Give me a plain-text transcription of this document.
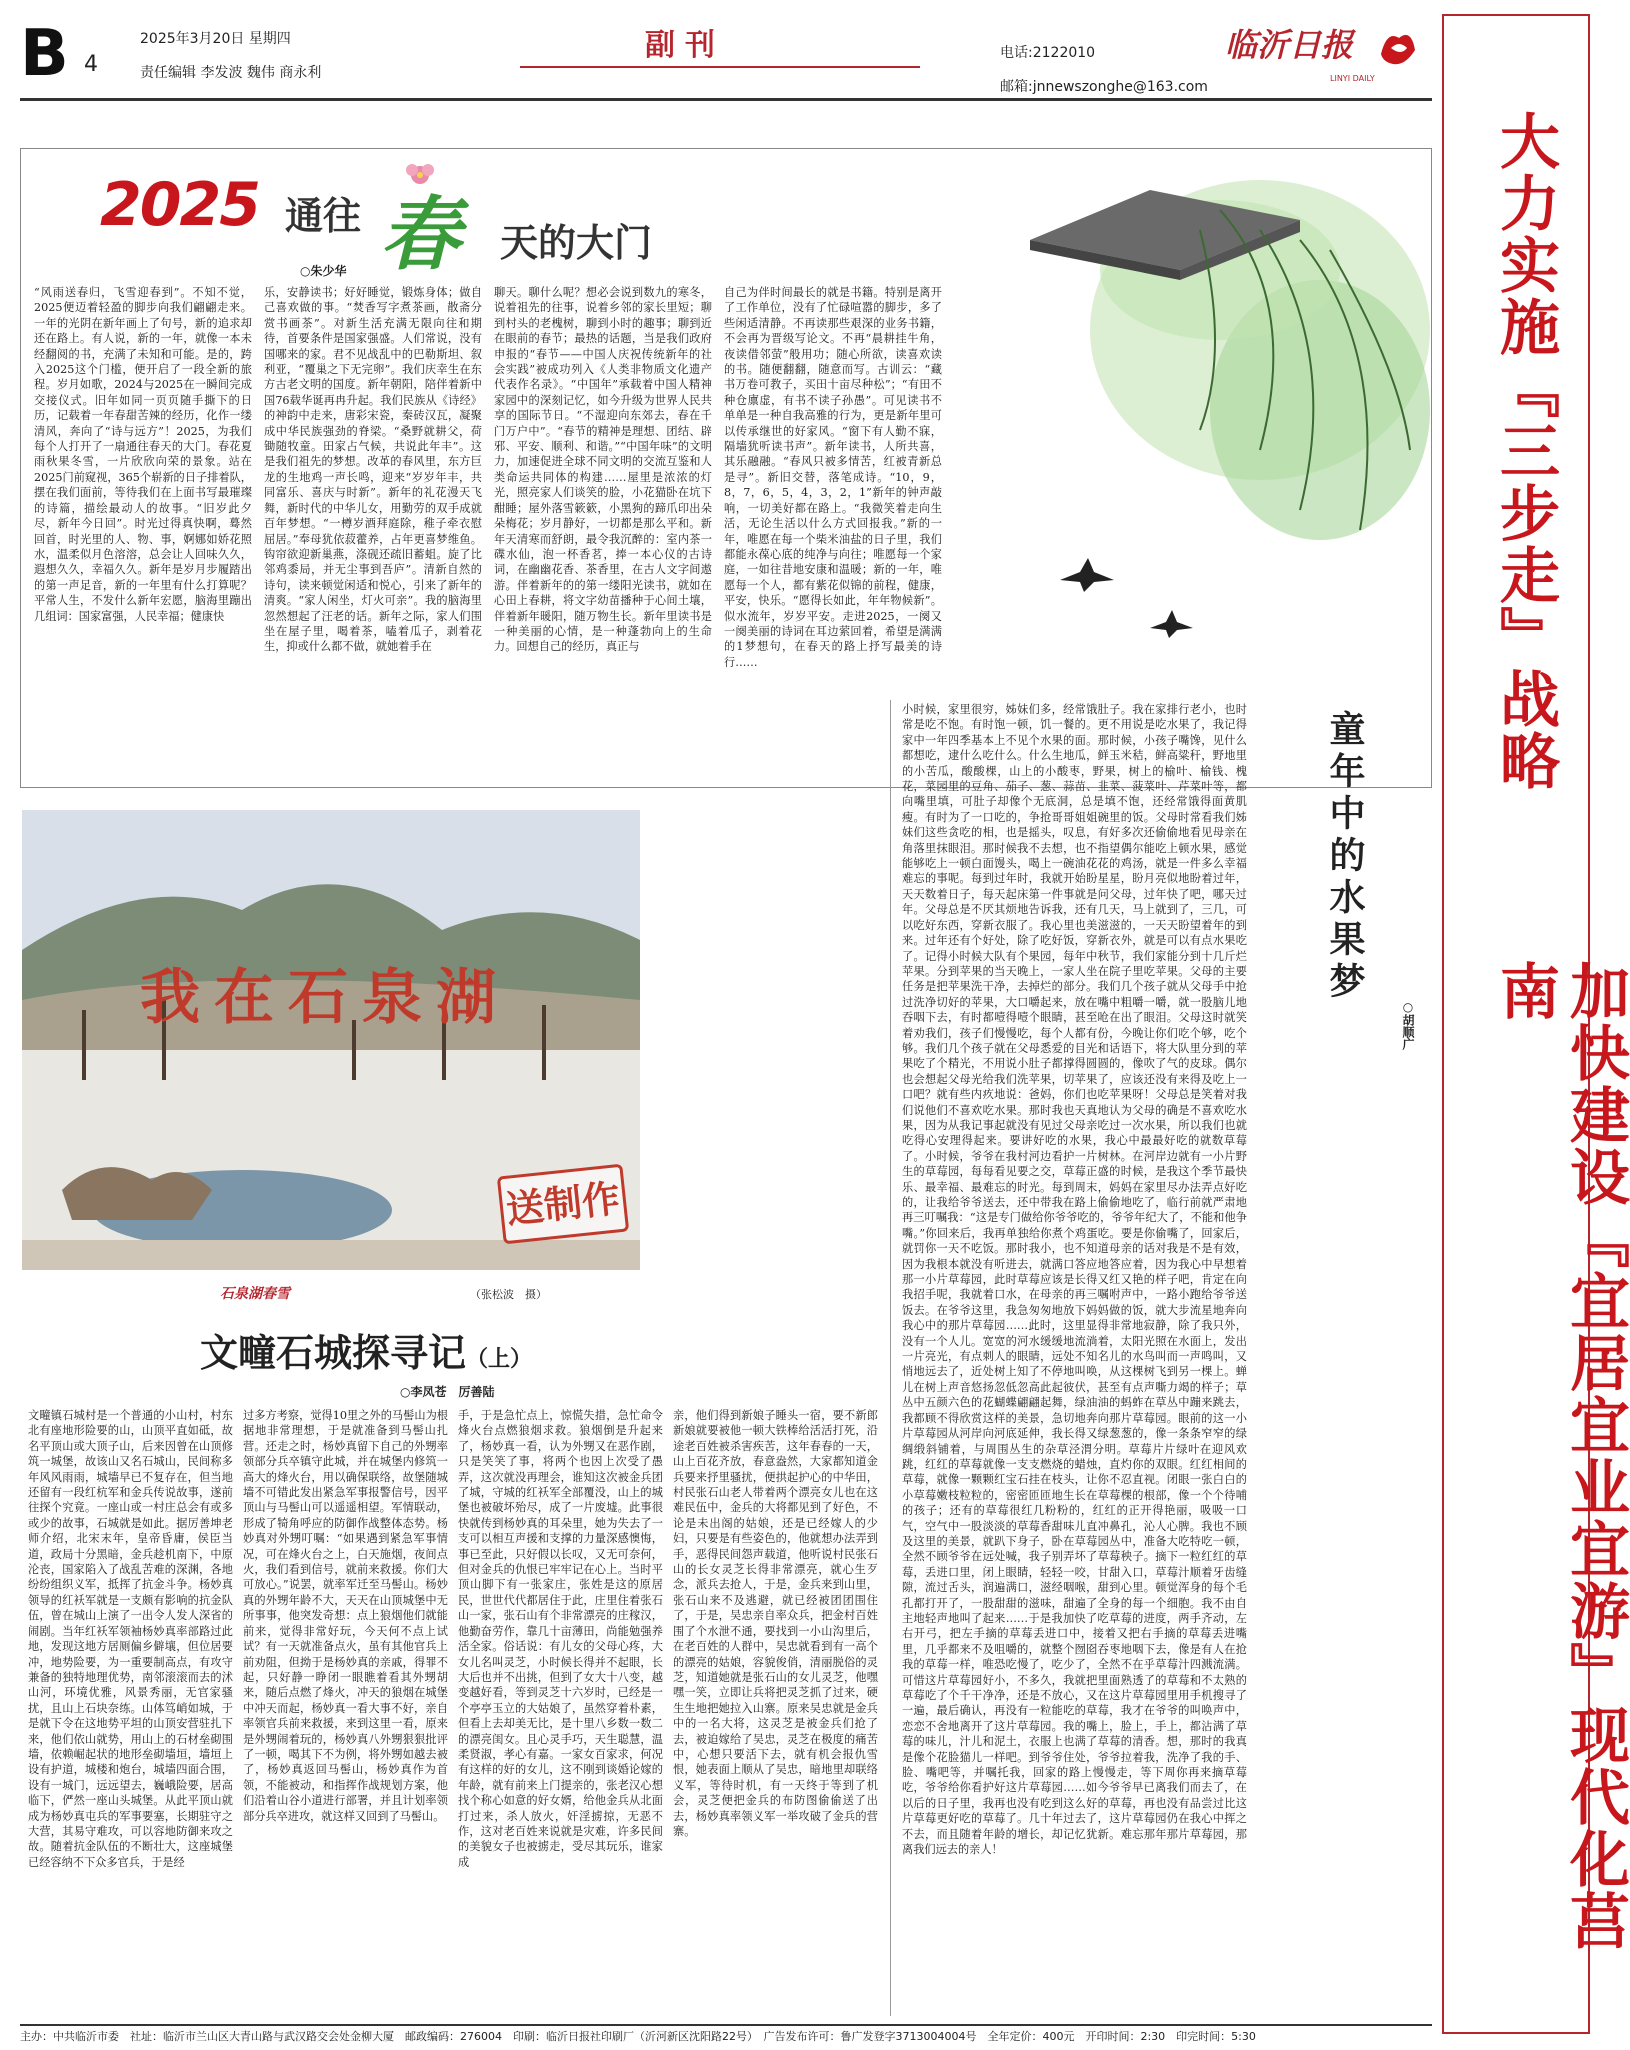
B 4
2025年3月20日 星期四
责任编辑 李发波 魏伟 商永利
副刊	电话:2122010
邮箱:jnnewszonghe@163.com
临沂日报
LINYI DAILY
大力实施『三步走』战略
加快建设『宜居宜业宜游』现代化莒南
2025 通往 春 天的大门
○朱少华
“风雨送春归，飞雪迎春到”。不知不觉，2025便迈着轻盈的脚步向我们翩翩走来。一年的光阴在新年画上了句号，新的追求却还在路上。有人说，新的一年，就像一本未经翻阅的书，充满了未知和可能。是的，跨入2025这个门槛，便开启了一段全新的旅程。岁月如歌，2024与2025在一瞬间完成交接仪式。旧年如同一页页随手撕下的日历，记载着一年春甜苦辣的经历，化作一缕清风，奔向了“诗与远方”！2025，为我们每个人打开了一扇通往春天的大门。春花夏雨秋果冬雪，一片欣欣向荣的景象。站在2025门前窥视，365个崭新的日子排着队，摆在我们面前，等待我们在上面书写最璀璨的诗篇，描绘最动人的故事。“旧岁此夕尽，新年今日回”。时光过得真快啊，蓦然回首，时光里的人、物、事，婀娜如娇花照水，温柔似月色溶溶，总会让人回味久久，遐想久久，幸福久久。新年是岁月步履踏出的第一声足音，新的一年里有什么打算呢？平常人生，不发什么新年宏愿，脑海里蹦出几组词：国家富强，人民幸福；健康快
乐，安静读书；好好睡觉，锻炼身体；做自己喜欢做的事。“焚香写字煮茶画，散斋分赏书画茶”。对新生活充满无限向往和期待，首要条件是国家强盛。人们常说，没有国哪来的家。君不见战乱中的巴勒斯坦、叙利亚，“覆巢之下无完卵”。我们庆幸生在东方古老文明的国度。新年朝阳，陪伴着新中国76载华诞再冉升起。我们民族从《诗经》的神韵中走来，唐彩宋瓷，秦砖汉瓦，凝聚成中华民族强劲的脊梁。“桑野就耕父，荷锄随牧童。田家占气候，共说此年丰”。这是我们祖先的梦想。改革的春风里，东方巨龙的生地鸡一声长鸣，迎来“岁岁年丰，共同富乐、喜庆与时新”。新年的礼花漫天飞舞，新时代的中华儿女，用勤劳的双手成就百年梦想。“一樽岁酒拜庭除，稚子牵衣慰屈居。”奉母犹依菽藿养，占年更喜梦维鱼。钩帘欲迎新巢燕，涤砚还疏旧蓄蛆。旋了比邻鸡黍局，并无尘事到吾庐”。清新自然的诗句，读来顿觉闲适和悦心，引来了新年的清爽。“家人闲坐，灯火可亲”。我的脑海里忽然想起了汪老的话。新年之际，家人们围坐在屋子里，喝着茶，嗑着瓜子，剥着花生，抑或什么都不做，就她着手在
聊天。聊什么呢？想必会说到数九的寒冬，说着祖先的往事，说着乡邻的家长里短；聊到村头的老槐树，聊到小时的趣事；聊到近在眼前的春节；最热的话题，当是我们政府申报的“春节——中国人庆祝传统新年的社会实践”被成功列入《人类非物质文化遗产代表作名录》。“中国年”承载着中国人精神家园中的深刻记忆，如今升级为世界人民共享的国际节日。“不湿迎向东郊去，春在千门万户中”。“春节的精神是理想、团结、辟邪、平安、顺利、和谐。”“中国年味”的文明力，加速促进全球不同文明的交流互鉴和人类命运共同体的构建……屋里是浓浓的灯光，照亮家人们谈笑的脸，小花猫卧在坑下酣睡；屋外落雪簌簌，小黑狗的蹄爪印出朵朵梅花；岁月静好，一切都是那么平和。新年天清寒而舒朗，最令我沉醉的：室内茶一碟水仙，泡一杯香茗，捧一本心仪的古诗词，在幽幽花香、茶香里，在古人文字间遨游。伴着新年的的第一缕阳光读书，就如在心田上春耕，将文字幼苗播种于心间土壤，伴着新年暖阳，随万物生长。新年里读书是一种美丽的心情，是一种蓬勃向上的生命力。回想自己的经历，真正与
自己为伴时间最长的就是书籍。特别是离开了工作单位，没有了忙碌喧嚣的脚步，多了些闲适清静。不再读那些艰深的业务书籍，不会再为晋级写论文。不再“晨耕挂牛角，夜读借邻萤”般用功；随心所欲，读喜欢读的书。随便翻翻，随意而写。古训云：“藏书万卷可教子，买田十亩尽种松”；“有田不种仓廪虚，有书不读子孙愚”。可见读书不单单是一种自我高雅的行为，更是新年里可以传承继世的好家风。“窗下有人勤不寐，隔墙犹听读书声”。新年读书，人所共喜，其乐融融。“春风只被多情苦，红被青新总是寻”。新旧交替，落笔成诗。“10，9，8，7，6，5，4，3，2，1”新年的钟声敲响，一切美好都在路上。“我微笑着走向生活，无论生活以什么方式回报我。”新的一年，唯愿在每一个柴米油盐的日子里，我们都能永葆心底的纯净与向往；唯愿每一个家庭，一如往昔地安康和温暖；新的一年，唯愿每一个人，都有紫花似锦的前程，健康，平安，快乐。“愿得长如此，年年物候新”。似水流年，岁岁平安。走进2025，一阕又一阕美丽的诗词在耳边萦回着，希望是满满的1梦想句，在春天的路上抒写最美的诗行……
我在石泉湖
送制作
石泉湖春雪	（张松波　摄）
文疃石城探寻记（上）
○李凤苍　厉善陆
文疃镇石城村是一个普通的小山村，村东北有座地形险要的山，山顶平直如砥，故名平顶山或大顶子山，后来因曾在山顶修筑一城堡，故该山又名石城山，民间称多年风风雨雨，城墙早已不复存在，但当地还留有一段红杭军和金兵传说故事，遂前往探个究竟。一座山或一村庄总会有或多或少的故事，石城就是如此。据厉善坤老师介绍，北宋末年，皇帝昏庸，侯臣当道，政局十分黑暗，金兵趁机南下，中原沦丧，国家陷入了战乱苦难的深渊，各地纷纷组织义军，抵挥了抗金斗争。杨妙真领导的红袄军就是一支颇有影响的抗金队伍，曾在城山上演了一出令人发人深省的闹剧。当年红袄军领袖杨妙真率部路过此地，发现这地方居厕偏乡僻壤，但位居要冲，地势险要，为一重要制高点，有攻守兼备的独特地理优势，南邻滚滚而去的沭山河，环境优雅，风景秀丽，无官家骚扰，且山上石块奈练。山体笃峭如城，于是就下令在这地势平坦的山顶安营驻扎下来，他们依山就势，用山上的石材垒砌围墙，依赖崛起状的地形垒砌墙垣，墙垣上设有护道，城楼和炮台，城墙四面合围，设有一城门，远远望去，巍峨险要，居高临下，俨然一座山头城堡。从此平顶山就成为杨妙真屯兵的军事要塞，长期驻守之大营，其易守难攻，可以容地防御来攻之故。随着抗金队伍的不断壮大，这座城堡已经容纳不下众多官兵，于是经
过多方考察，觉得10里之外的马髻山为根据地非常理想，于是就准备到马髻山扎营。还走之时，杨妙真留下自己的外甥率领部分兵卒镇守此城，并在城堡内修筑一高大的烽火台，用以确保联络，故堡随城墙不可错此发出紧急军事报警信号，因平顶山与马髻山可以遥遥相望。军情联动，形成了犄角呼应的防御作战整体态势。杨妙真对外甥叮嘱：“如果遇到紧急军事情况，可在烽火台之上，白天施烟，夜间点火，我们看到信号，就前来救援。你们大可放心。”说罢，就率军迁至马髻山。杨妙真的外甥年龄不大，天天在山顶城堡中无所事事，他突发奇想：点上狼烟他们就能前来，觉得非常好玩，今天何不点上试试？有一天就准备点火，虽有其他官兵上前劝阻，但拗于是杨妙真的亲戚，得罪不起，只好静一睁闭一眼瞧着看其外甥胡来，随后点燃了烽火，冲天的狼烟在城堡中冲天而起，杨妙真一看大事不好，亲自率领官兵前来救援，来到这里一看，原来是外甥闹着玩的，杨妙真八外甥狠狠批评了一顿，喝其下不为例，将外甥如越去被了，杨妙真返回马髻山，杨妙真作为首领，不能被动，和指挥作战规划方案，他们沿着山谷小道进行部署，并且计划率领部分兵卒进攻，就这样又回到了马髻山。
手，于是急忙点上，惊慌失措，急忙命令烽火台点燃狼烟求救。狼烟倒是升起来了，杨妙真一看，认为外甥又在恶作剧，只是笑笑了事，将两个也因上次受了愚弄，这次就没再理会，谁知这次被金兵团了城，守城的红袄军全部覆没，山上的城堡也被破坏殆尽，成了一片废墟。此事很快就传到杨妙真的耳朵里，她为失去了一支可以相互声援和支撑的力量深感懊悔，事已至此，只好假以长叹，又无可奈何，但对金兵的仇恨已牢牢记在心上。当时平顶山脚下有一张家庄，张姓是这的原居民，世世代代都居住于此，庄里住着张石山一家，张石山有个非常漂亮的庄稼汉，他勤奋劳作，靠几十亩薄田，尚能勉强养活全家。俗话说：有儿女的父母心疼，大女儿名叫灵芝，小时候长得并不起眼，长大后也并不出挑，但到了女大十八变，越变越好看，等到灵芝十六岁时，已经是一个亭亭玉立的大姑娘了，虽然穿着朴素，但看上去却美无比，是十里八乡数一数二的漂亮闺女。且心灵手巧，天生聪慧，温柔贤淑，孝心有嘉。一家女百家求，何况有这样的好的女儿，这不刚到谈婚论嫁的年龄，就有前来上门提亲的，张老汉心想找个称心如意的好女婿，给他金兵从北面打过来，杀人放火，奸淫掳掠，无恶不作，这对老百姓来说就是灾难，许多民间的美貌女子也被掳走，受尽其玩乐，谁家成
亲，他们得到新娘子睡头一宿，要不新郎新娘就要被他一顿大铁棒给活活打死，沿途老百姓被杀害疾苦，这年春春的一天，山上百花齐放，春意盎然，大家都知道金兵要来抒里骚扰，便拱起护心的中华田，村民张石山老人带着两个漂亮女儿也在这难民伍中，金兵的大将都见到了好色，不论是未出阁的姑娘，还是已经嫁人的少妇，只要是有些姿色的，他就想办法弄到手，恶得民间怨声载道，他听说村民张石山的长女灵芝长得非常漂亮，就心生歹念，派兵去抢人，于是，金兵来到山里，张石山来不及逃避，就已经被团团围住了，于是，吴忠亲自率众兵，把金村百姓围了个水泄不通，要找到一小山沟里后，在老百姓的人群中，吴忠就看到有一高个的漂亮的姑娘，容貌俊俏，清丽脱俗的灵芝，知道她就是张石山的女儿灵芝，他嘿嘿一笑，立即让兵将把灵芝抓了过来，硬生生地把她拉入山寨。原来吴忠就是金兵中的一名大将，这灵芝是被金兵们抢了去，被迫嫁给了吴忠，灵芝在极度的痛苦中，心想只要活下去，就有机会报仇雪恨，她表面上顺从了吴忠，暗地里却联络义军，等待时机，有一天终于等到了机会，灵芝便把金兵的布防图偷偷送了出去，杨妙真率领义军一举攻破了金兵的营寨。
小时候，家里很穷，姊妹们多，经常饿肚子。我在家排行老小，也时常是吃不饱。有时饱一顿，饥一餐的。更不用说是吃水果了，我记得家中一年四季基本上不见个水果的面。那时候，小孩子嘴馋，见什么都想吃，逮什么吃什么。什么生地瓜，鲜玉米秸，鲜高粱秆，野地里的小苦瓜，酸酸棵，山上的小酸枣，野果，树上的榆叶、榆钱、槐花，菜园里的豆角、茄子、葱、蒜苗、韭菜、菠菜叶、芹菜叶等，都向嘴里填，可肚子却像个无底洞，总是填不饱，还经常饿得面黄肌瘦。有时为了一口吃的，争抢哥哥姐姐碗里的饭。父母时常看我们姊妹们这些贪吃的相，也是摇头，叹息，有好多次还偷偷地看见母亲在角落里抹眼泪。那时候我不去想，也不指望偶尔能吃上顿水果，感觉能够吃上一顿白面馒头，喝上一碗油花花的鸡汤，就是一件多么幸福难忘的事呢。每到过年时，我就开始盼星星，盼月亮似地盼着过年，天天数着日子，每天起床第一件事就是问父母，过年快了吧，哪天过年。父母总是不厌其烦地告诉我，还有几天，马上就到了，三几，可以吃好东西，穿新衣服了。我心里也美滋滋的，一天天盼望着年的到来。过年还有个好处，除了吃好饭，穿新衣外，就是可以有点水果吃了。记得小时候大队有个果园，每年中秋节，我们家能分到十几斤烂苹果。分到苹果的当天晚上，一家人坐在院子里吃苹果。父母的主要任务是把苹果洗干净，去掉烂的部分。我们几个孩子就从父母手中抢过洗净切好的苹果，大口嚼起来，放在嘴中粗嚼一嚼，就一股脑儿地吞咽下去，有时都噎得噎个眼睛，甚至呛在出了眼泪。父母这时就笑着劝我们，孩子们慢慢吃，每个人都有份，今晚让你们吃个够，吃个够。我们几个孩子就在父母悉爱的目光和话语下，将大队里分到的苹果吃了个精光，不用说小肚子都撑得圆圆的，像吹了气的皮球。偶尔也会想起父母光给我们洗苹果，切苹果了，应该还没有来得及吃上一口吧？就有些内疚地说：爸妈，你们也吃苹果呀！父母总是笑着对我们说他们不喜欢吃水果。那时我也天真地认为父母的确是不喜欢吃水果，因为从我记事起就没有见过父母亲吃过一次水果，所以我们也就吃得心安理得起来。要讲好吃的水果，我心中最最好吃的就数草莓了。小时候，爷爷在我村河边看护一片树林。在河岸边就有一小片野生的草莓园，每每看见要之交，草莓正盛的时候，是我这个季节最快乐、最幸福、最难忘的时光。每到周末，妈妈在家里尽办法弄点好吃的，让我给爷爷送去，还中带我在路上偷偷地吃了，临行前就严肃地再三叮嘱我：“这是专门做给你爷爷吃的，爷爷年纪大了，不能和他争嘴。”你回来后，我再单独给你煮个鸡蛋吃。要是你偷嘴了，回家后，就罚你一天不吃饭。那时我小，也不知道母亲的话对我是不是有效，因为我根本就没有听进去，就满口答应地答应着，因为我心中早想着那一小片草莓园，此时草莓应该是长得又红又艳的样子吧，肯定在向我招手呢，我就着口水，在母亲的再三嘱咐声中，一路小跑给爷爷送饭去。在爷爷这里，我急匆匆地放下妈妈做的饭，就大步流星地奔向我心中的那片草莓园……此时，这里显得非常地寂静，除了我只外，没有一个人儿。宽宽的河水缓缓地流淌着，太阳光照在水面上，发出一片亮光，有点刺人的眼睛，远处不知名儿的水鸟叫而一声鸣叫，又悄地远去了，近处树上知了不停地叫唤，从这棵树飞到另一棵上。蝉儿在树上声音悠扬忽低忽高此起彼伏，甚至有点声嘶力竭的样子；草丛中五颜六色的花蝴蝶翩翩起舞，绿油油的蚂蚱在草丛中蹦来跳去，我都顾不得欣赏这样的美景，急切地奔向那片草莓园。眼前的这一小片草莓园从河岸向河底延伸，我长得又绿葱葱的，像一条条窄窄的绿绸缎斜铺着，与周围丛生的杂草泾渭分明。草莓片片绿叶在迎风欢跳，红红的草莓就像一支支燃烧的蜡烛，直灼你的双眼。红红相间的草莓，就像一颗颗红宝石挂在枝头，让你不忍直视。闭眼一张白白的小草莓嫩枝粒粒的，密密匝匝地生长在草莓棵的根部，像一个个待哺的孩子；还有的草莓很红几粉粉的，红红的正开得艳丽，吸吸一口气，空气中一股淡淡的草莓香甜味儿直冲鼻孔，沁人心脾。我也不顾及这里的美景，就趴下身子，卧在草莓园丛中，准备大吃特吃一顿，全然不顾爷爷在远处喊，我子别弄坏了草莓秧子。摘下一粒红红的草莓，丢进口里，闭上眼睛，轻轻一咬，甘甜入口，草莓汁顺着牙齿缝隙，流过舌头，润遍满口，滋经咽喉，甜到心里。顿觉浑身的每个毛孔都打开了，一股甜甜的滋味，甜遍了全身的每一个细胞。我不由自主地轻声地叫了起来……于是我加快了吃草莓的进度，两手齐动，左右开弓，把左手摘的草莓丢进口中，接着又把右手摘的草莓丢进嘴里，几乎都来不及咀嚼的，就整个囫囵吞枣地咽下去，像是有人在抢我的草莓一样，唯恐吃慢了，吃少了，全然不在乎草莓汁四溅流满。可惜这片草莓园好小，不多久，我就把里面熟透了的草莓和不太熟的草莓吃了个千干净净，还是不放心，又在这片草莓园里用手机搜寻了一遍，最后确认，再没有一粒能吃的草莓，我才在爷爷的叫唤声中，恋恋不舍地离开了这片草莓园。我的嘴上，脸上，手上，都沾满了草莓的味儿，汁儿和泥土，衣服上也满了草莓的清香。想，那时的我真是像个花脸猫儿一样吧。到爷爷住处，爷爷拉着我，洗净了我的手、脸、嘴吧等，并嘱托我，回家的路上慢慢走，等下周你再来摘草莓吃，爷爷给你看护好这片草莓园……如今爷爷早已离我们而去了，在以后的日子里，我再也没有吃到这么好的草莓，再也没有品尝过比这片草莓更好吃的草莓了。几十年过去了，这片草莓园仍在我心中挥之不去，而且随着年龄的增长，却记忆犹新。难忘那年那片草莓园，那离我们远去的亲人！
童年中的水果梦
○胡顺广
主办：中共临沂市委　社址：临沂市兰山区大青山路与武汉路交会处金柳大厦　邮政编码：276004　印刷：临沂日报社印刷厂（沂河新区沈阳路22号）　广告发布许可：鲁广发登字3713004004号　全年定价：400元　开印时间：2:30　印完时间：5:30
